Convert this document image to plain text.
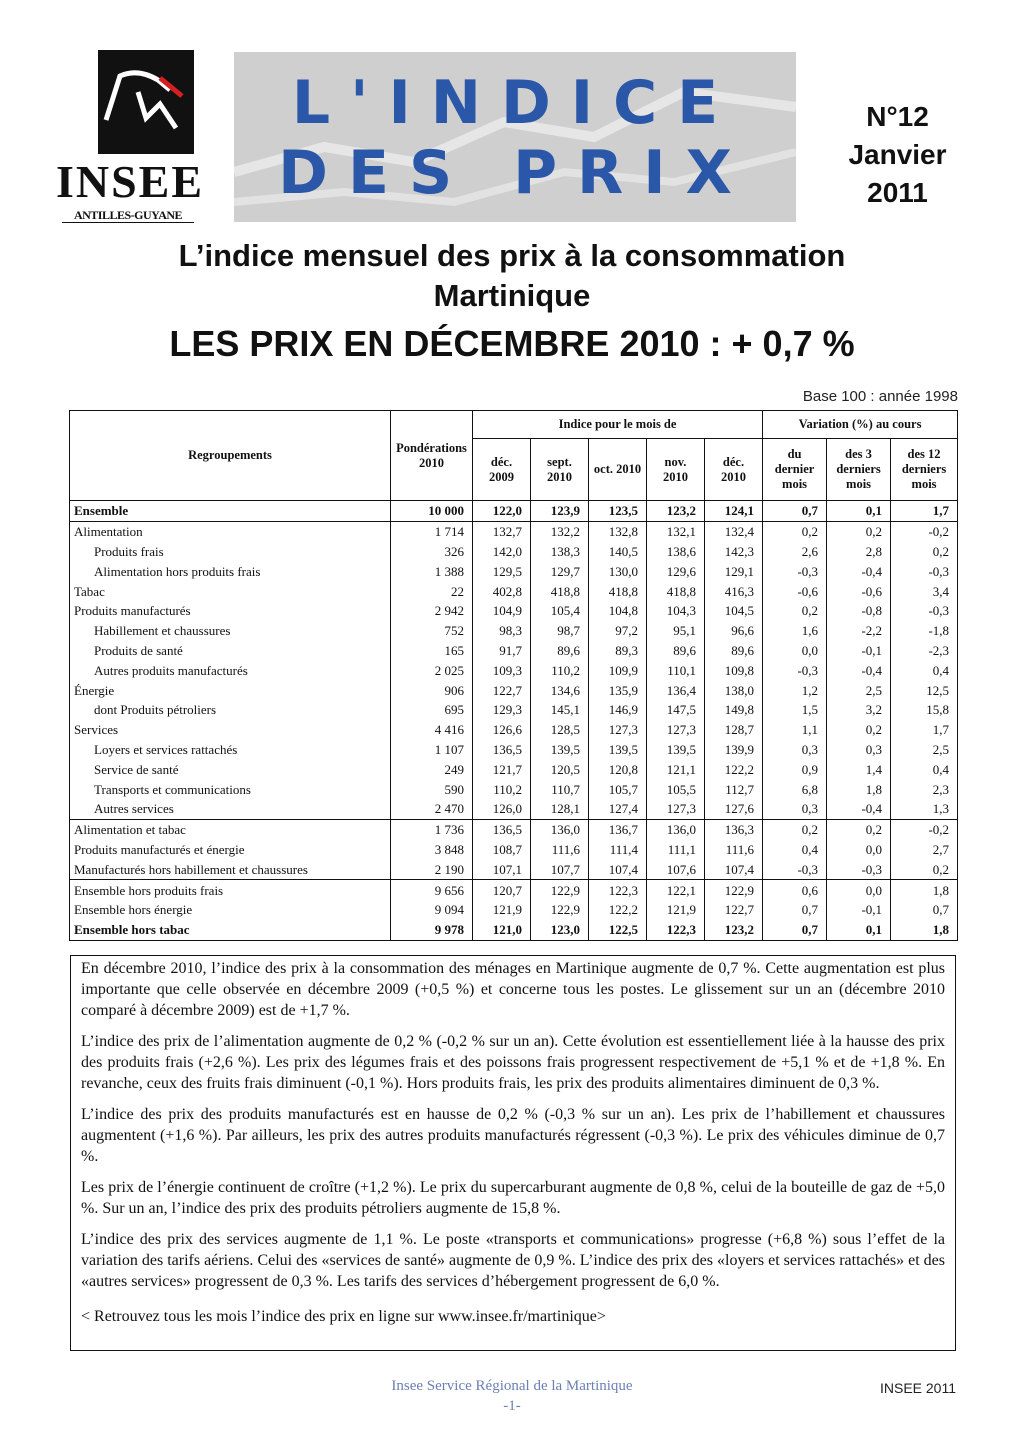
INSEE
ANTILLES-GUYANE
L'INDICE
DES PRIX
N°12
Janvier
2011
L’indice mensuel des prix à la consommation
Martinique
LES PRIX EN DÉCEMBRE 2010 : + 0,7 %
Base 100 : année 1998
Regroupements	Pondérations 2010	Indice pour le mois de					Variation (%) au cours		
		déc. 2009	sept. 2010	oct. 2010	nov. 2010	déc. 2010	du dernier mois	des 3 derniers mois	des 12 derniers mois
Ensemble	10 000	122,0	123,9	123,5	123,2	124,1	0,7	0,1	1,7
Alimentation	1 714	132,7	132,2	132,8	132,1	132,4	0,2	0,2	-0,2
Produits frais	326	142,0	138,3	140,5	138,6	142,3	2,6	2,8	0,2
Alimentation hors produits frais	1 388	129,5	129,7	130,0	129,6	129,1	-0,3	-0,4	-0,3
Tabac	22	402,8	418,8	418,8	418,8	416,3	-0,6	-0,6	3,4
Produits manufacturés	2 942	104,9	105,4	104,8	104,3	104,5	0,2	-0,8	-0,3
Habillement et chaussures	752	98,3	98,7	97,2	95,1	96,6	1,6	-2,2	-1,8
Produits de santé	165	91,7	89,6	89,3	89,6	89,6	0,0	-0,1	-2,3
Autres produits manufacturés	2 025	109,3	110,2	109,9	110,1	109,8	-0,3	-0,4	0,4
Énergie	906	122,7	134,6	135,9	136,4	138,0	1,2	2,5	12,5
dont Produits pétroliers	695	129,3	145,1	146,9	147,5	149,8	1,5	3,2	15,8
Services	4 416	126,6	128,5	127,3	127,3	128,7	1,1	0,2	1,7
Loyers et services rattachés	1 107	136,5	139,5	139,5	139,5	139,9	0,3	0,3	2,5
Service de santé	249	121,7	120,5	120,8	121,1	122,2	0,9	1,4	0,4
Transports et communications	590	110,2	110,7	105,7	105,5	112,7	6,8	1,8	2,3
Autres services	2 470	126,0	128,1	127,4	127,3	127,6	0,3	-0,4	1,3
Alimentation et tabac	1 736	136,5	136,0	136,7	136,0	136,3	0,2	0,2	-0,2
Produits manufacturés et énergie	3 848	108,7	111,6	111,4	111,1	111,6	0,4	0,0	2,7
Manufacturés hors habillement et chaussures	2 190	107,1	107,7	107,4	107,6	107,4	-0,3	-0,3	0,2
Ensemble hors produits frais	9 656	120,7	122,9	122,3	122,1	122,9	0,6	0,0	1,8
Ensemble hors énergie	9 094	121,9	122,9	122,2	121,9	122,7	0,7	-0,1	0,7
Ensemble hors tabac	9 978	121,0	123,0	122,5	122,3	123,2	0,7	0,1	1,8

En décembre 2010, l’indice des prix à la consommation des ménages en Martinique augmente de 0,7 %. Cette augmentation est plus importante que celle observée en décembre 2009 (+0,5 %) et concerne tous les postes. Le glissement sur un an (décembre 2010 comparé à décembre 2009) est de +1,7 %.

L’indice des prix de l’alimentation augmente de 0,2 % (-0,2 % sur un an). Cette évolution est essentiellement liée à la hausse des prix des produits frais (+2,6 %). Les prix des légumes frais et des poissons frais progressent respectivement de +5,1 % et de +1,8 %. En revanche, ceux des fruits frais diminuent (-0,1 %). Hors produits frais, les prix des produits alimentaires diminuent de 0,3 %.

L’indice des prix des produits manufacturés est en hausse de 0,2 % (-0,3 % sur un an). Les prix de l’habillement et chaussures augmentent (+1,6 %). Par ailleurs, les prix des autres produits manufacturés régressent (-0,3 %). Le prix des véhicules diminue de 0,7 %.

Les prix de l’énergie continuent de croître (+1,2 %). Le prix du supercarburant augmente de 0,8 %, celui de la bouteille de gaz de +5,0 %. Sur un an, l’indice des prix des produits pétroliers augmente de 15,8 %.

L’indice des prix des services augmente de 1,1 %. Le poste «transports et communications» progresse (+6,8 %) sous l’effet de la variation des tarifs aériens. Celui des «services de santé» augmente de 0,9 %. L’indice des prix des «loyers et services rattachés» et des «autres services» progressent de 0,3 %. Les tarifs des services d’hébergement progressent de 6,0 %.

< Retrouvez tous les mois l’indice des prix en ligne sur www.insee.fr/martinique>

Insee Service Régional de la Martinique
-1-
INSEE 2011
